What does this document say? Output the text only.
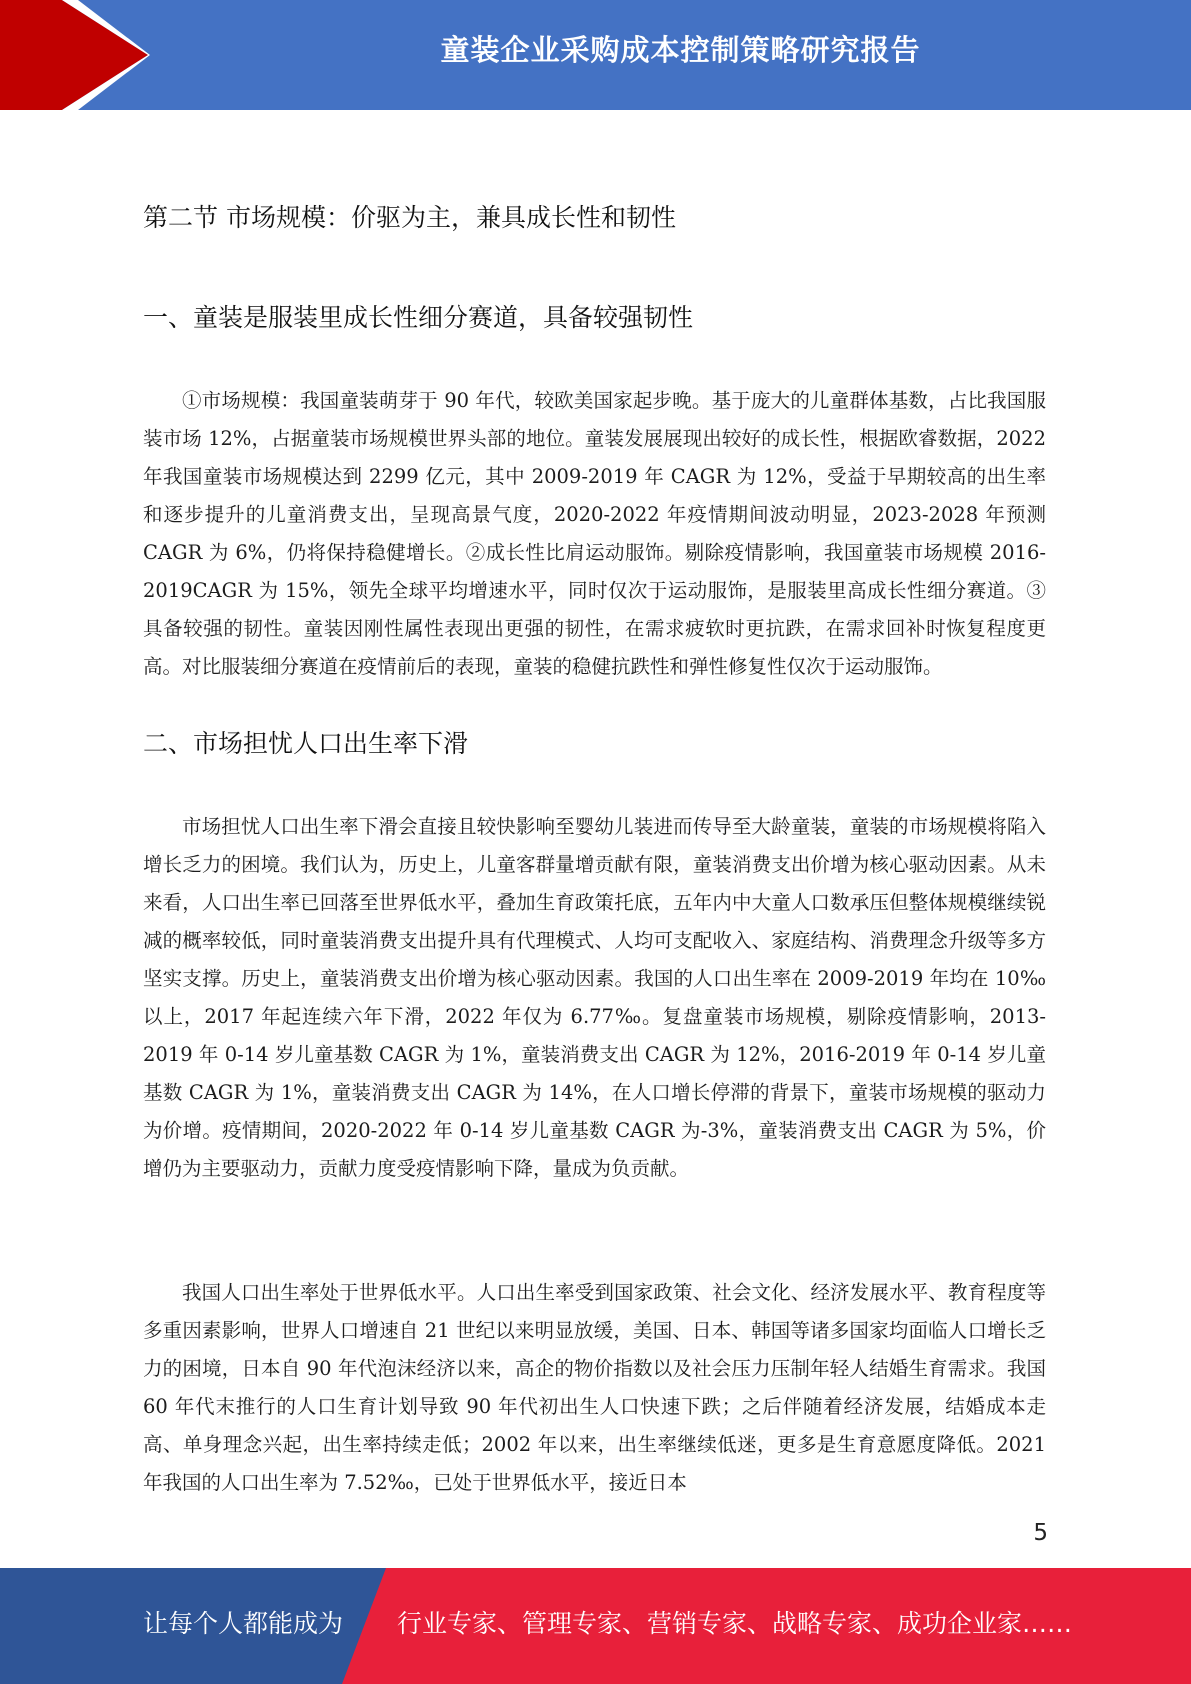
童装企业采购成本控制策略研究报告
第二节 市场规模：价驱为主，兼具成长性和韧性
一、童装是服装里成长性细分赛道，具备较强韧性

①市场规模：我国童装萌芽于 90 年代，较欧美国家起步晚。基于庞大的儿童群体基数，占比我国服装市场 12%，占据童装市场规模世界头部的地位。童装发展展现出较好的成长性，根据欧睿数据，2022 年我国童装市场规模达到 2299 亿元，其中 2009-2019 年 CAGR 为 12%，受益于早期较高的出生率和逐步提升的儿童消费支出，呈现高景气度，2020-2022 年疫情期间波动明显，2023-2028 年预测 CAGR 为 6%，仍将保持稳健增长。②成长性比肩运动服饰。剔除疫情影响，我国童装市场规模 2016-2019CAGR 为 15%，领先全球平均增速水平，同时仅次于运动服饰，是服装里高成长性细分赛道。③具备较强的韧性。童装因刚性属性表现出更强的韧性，在需求疲软时更抗跌，在需求回补时恢复程度更高。对比服装细分赛道在疫情前后的表现，童装的稳健抗跌性和弹性修复性仅次于运动服饰。

二、市场担忧人口出生率下滑

市场担忧人口出生率下滑会直接且较快影响至婴幼儿装进而传导至大龄童装，童装的市场规模将陷入增长乏力的困境。我们认为，历史上，儿童客群量增贡献有限，童装消费支出价增为核心驱动因素。从未来看，人口出生率已回落至世界低水平，叠加生育政策托底，五年内中大童人口数承压但整体规模继续锐减的概率较低，同时童装消费支出提升具有代理模式、人均可支配收入、家庭结构、消费理念升级等多方坚实支撑。历史上，童装消费支出价增为核心驱动因素。我国的人口出生率在 2009-2019 年均在 10‰以上，2017 年起连续六年下滑，2022 年仅为 6.77‰。复盘童装市场规模，剔除疫情影响，2013-2019 年 0-14 岁儿童基数 CAGR 为 1%，童装消费支出 CAGR 为 12%，2016-2019 年 0-14 岁儿童基数 CAGR 为 1%，童装消费支出 CAGR 为 14%，在人口增长停滞的背景下，童装市场规模的驱动力为价增。疫情期间，2020-2022 年 0-14 岁儿童基数 CAGR 为-3%，童装消费支出 CAGR 为 5%，价增仍为主要驱动力，贡献力度受疫情影响下降，量成为负贡献。

我国人口出生率处于世界低水平。人口出生率受到国家政策、社会文化、经济发展水平、教育程度等多重因素影响，世界人口增速自 21 世纪以来明显放缓，美国、日本、韩国等诸多国家均面临人口增长乏力的困境，日本自 90 年代泡沫经济以来，高企的物价指数以及社会压力压制年轻人结婚生育需求。我国 60 年代末推行的人口生育计划导致 90 年代初出生人口快速下跌；之后伴随着经济发展，结婚成本走高、单身理念兴起，出生率持续走低；2002 年以来，出生率继续低迷，更多是生育意愿度降低。2021 年我国的人口出生率为 7.52‰，已处于世界低水平，接近日本

5
让每个人都能成为 行业专家、管理专家、营销专家、战略专家、成功企业家……
